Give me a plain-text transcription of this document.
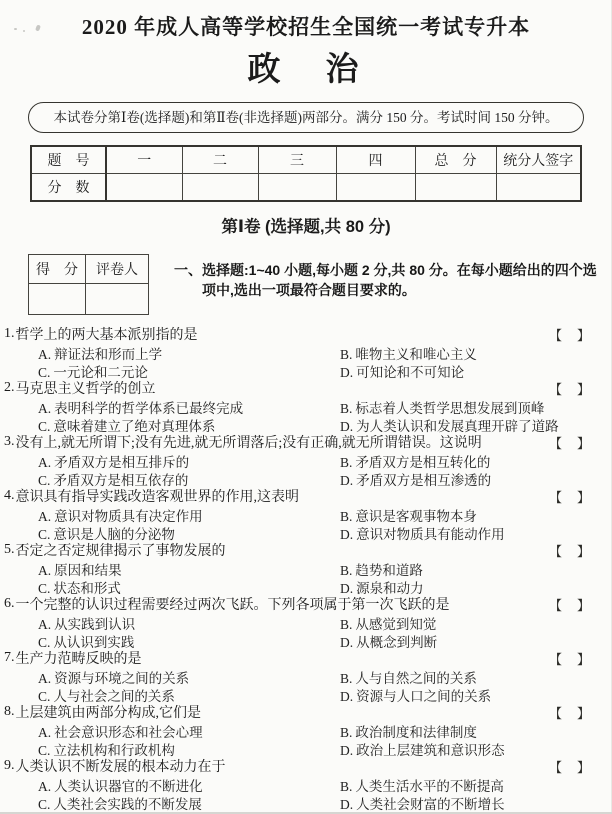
2020 年成人高等学校招生全国统一考试专升本
政　治
本试卷分第Ⅰ卷(选择题)和第Ⅱ卷(非选择题)两部分。满分 150 分。考试时间 150 分钟。
题　号	一	二	三	四	总　分	统分人签字
分　数						
第Ⅰ卷 (选择题,共 80 分)
得　分	评卷人
		一、选择题:1~40 小题,每小题 2 分,共 80 分。在每小题给出的四个选
项中,选出一项最符合题目要求的。
1. 哲学上的两大基本派别指的是	【 】
A. 辩证法和形而上学	B. 唯物主义和唯心主义
C. 一元论和二元论	D. 可知论和不可知论
2. 马克思主义哲学的创立	【 】
A. 表明科学的哲学体系已最终完成	B. 标志着人类哲学思想发展到顶峰
C. 意味着建立了绝对真理体系	D. 为人类认识和发展真理开辟了道路
3. 没有上,就无所谓下;没有先进,就无所谓落后;没有正确,就无所谓错误。这说明	【 】
A. 矛盾双方是相互排斥的	B. 矛盾双方是相互转化的
C. 矛盾双方是相互依存的	D. 矛盾双方是相互渗透的
4. 意识具有指导实践改造客观世界的作用,这表明	【 】
A. 意识对物质具有决定作用	B. 意识是客观事物本身
C. 意识是人脑的分泌物	D. 意识对物质具有能动作用
5. 否定之否定规律揭示了事物发展的	【 】
A. 原因和结果	B. 趋势和道路
C. 状态和形式	D. 源泉和动力
6. 一个完整的认识过程需要经过两次飞跃。下列各项属于第一次飞跃的是	【 】
A. 从实践到认识	B. 从感觉到知觉
C. 从认识到实践	D. 从概念到判断
7. 生产力范畴反映的是	【 】
A. 资源与环境之间的关系	B. 人与自然之间的关系
C. 人与社会之间的关系	D. 资源与人口之间的关系
8. 上层建筑由两部分构成,它们是	【 】
A. 社会意识形态和社会心理	B. 政治制度和法律制度
C. 立法机构和行政机构	D. 政治上层建筑和意识形态
9. 人类认识不断发展的根本动力在于	【 】
A. 人类认识器官的不断进化	B. 人类生活水平的不断提高
C. 人类社会实践的不断发展	D. 人类社会财富的不断增长
